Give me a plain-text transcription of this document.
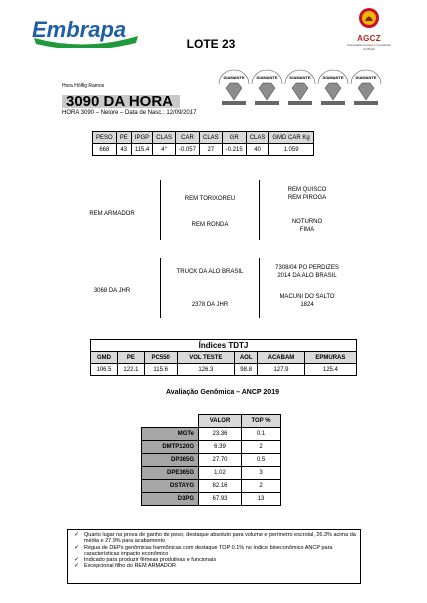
Embrapa
LOTE 23	AGCZ
Associação Guzerá e Guzolando do Brasil
Hora Hólfig Ramos
3090 DA HORA
HORA 3090 – Nelore – Data de Nasc.: 12/09/2017
DIAMANTE	DIAMANTE	DIAMANTE	DIAMANTE	DIAMANTE
PESO	PE	IPGP	CLAS	CAR	CLAS	GR	CLAS	GMD CAR Kg
668	43	115.4	4°	-0.057	27	-0.215	40	1.059
REM ARMADOR
REM TORIXOREU
REM RONDA
REM QUISCO
REM PIROGA
NOTURNO
FIMA
3068 DA JHR
TRUCK DA ALO BRASIL
2378 DA JHR
7308/04 PO PERDIZES
2014 DA ALO BRASIL
MACUNI DO SALTO
1824
Índices TDTJ
GMD	PE	PC550	VOL TESTE	AOL	ACABAM	EPMURAS
106.5	122.1	115.6	126.3	98.8	127.9	125.4
Avaliação Genômica – ANCP 2019
	VALOR	TOP %
MGTe	23.36	0.1
DMTP120G	6.39	2
DP365G	27.70	0.5
DPE365G	1.02	3
DSTAYG	82.16	2
D3PG	67.93	13
✓ Quarto lugar na prova de ganho de peso, destaque absoluto para volume e perímetro escrotal, 26.3% acima da média e 27.9% para acabamento
✓ Régua de DEPs genômicas harmônicas com destaque TOP 0.1% no índice bioeconômico ANCP para características impacto econômico
✓ Indicado para produzir fêmeas produtivas e funcionais
✓ Excepcional filho do REM ARMADOR
